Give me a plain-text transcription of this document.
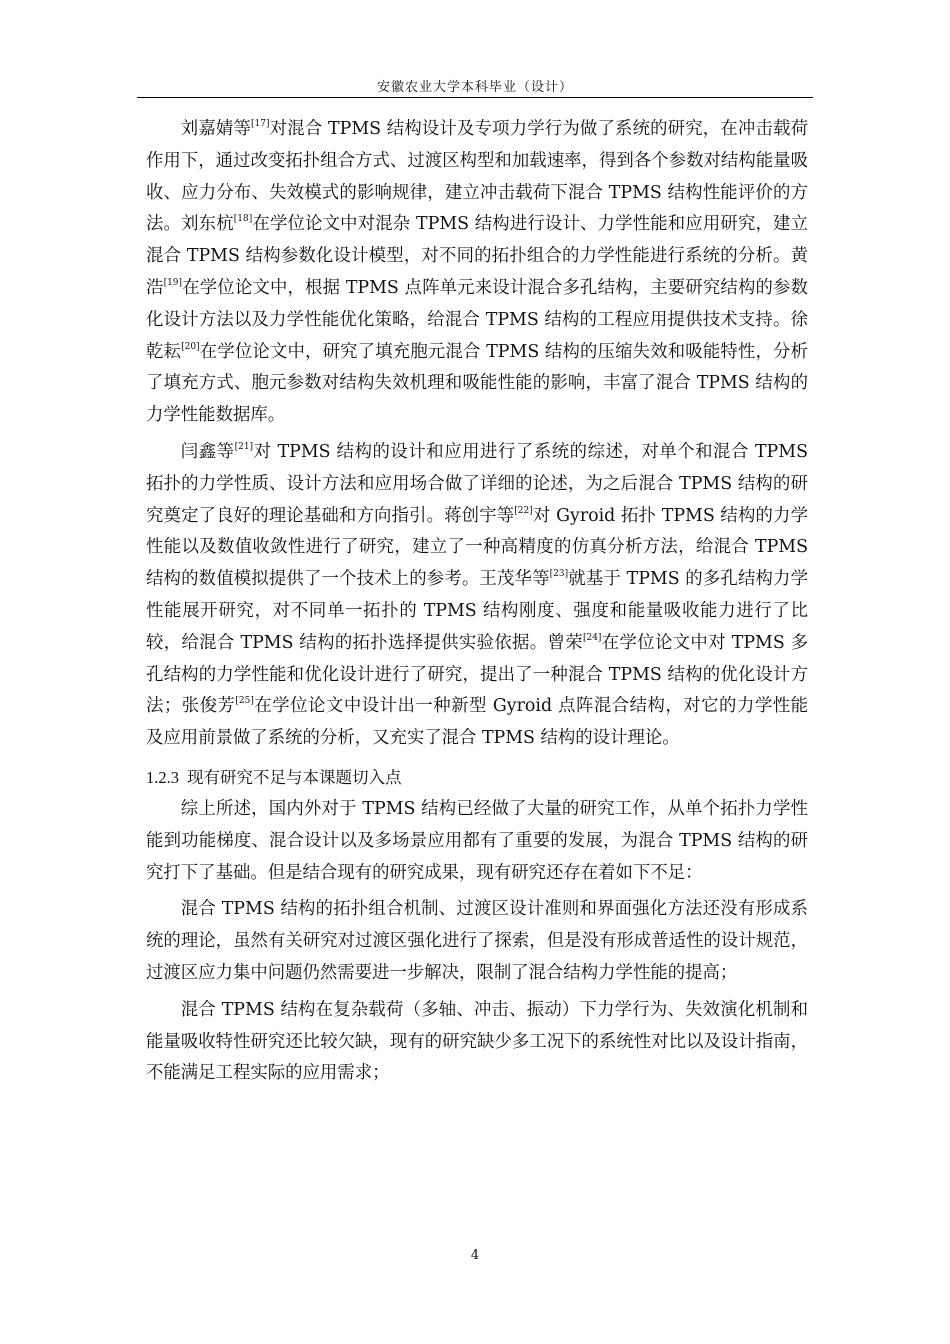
安徽农业大学本科毕业（设计）

刘嘉婧等[17]对混合 TPMS 结构设计及专项力学行为做了系统的研究，在冲击载荷作用下，通过改变拓扑组合方式、过渡区构型和加载速率，得到各个参数对结构能量吸收、应力分布、失效模式的影响规律，建立冲击载荷下混合 TPMS 结构性能评价的方法。刘东杭[18]在学位论文中对混杂 TPMS 结构进行设计、力学性能和应用研究，建立混合 TPMS 结构参数化设计模型，对不同的拓扑组合的力学性能进行系统的分析。黄浩[19]在学位论文中，根据 TPMS 点阵单元来设计混合多孔结构，主要研究结构的参数化设计方法以及力学性能优化策略，给混合 TPMS 结构的工程应用提供技术支持。徐乾耘[20]在学位论文中，研究了填充胞元混合 TPMS 结构的压缩失效和吸能特性，分析了填充方式、胞元参数对结构失效机理和吸能性能的影响，丰富了混合 TPMS 结构的力学性能数据库。

闫鑫等[21]对 TPMS 结构的设计和应用进行了系统的综述，对单个和混合 TPMS 拓扑的力学性质、设计方法和应用场合做了详细的论述，为之后混合 TPMS 结构的研究奠定了良好的理论基础和方向指引。蒋创宇等[22]对 Gyroid 拓扑 TPMS 结构的力学性能以及数值收敛性进行了研究，建立了一种高精度的仿真分析方法，给混合 TPMS 结构的数值模拟提供了一个技术上的参考。王茂华等[23]就基于 TPMS 的多孔结构力学性能展开研究，对不同单一拓扑的 TPMS 结构刚度、强度和能量吸收能力进行了比较，给混合 TPMS 结构的拓扑选择提供实验依据。曾荣[24]在学位论文中对 TPMS 多孔结构的力学性能和优化设计进行了研究，提出了一种混合 TPMS 结构的优化设计方法；张俊芳[25]在学位论文中设计出一种新型 Gyroid 点阵混合结构，对它的力学性能及应用前景做了系统的分析，又充实了混合 TPMS 结构的设计理论。

1.2.3 现有研究不足与本课题切入点

综上所述，国内外对于 TPMS 结构已经做了大量的研究工作，从单个拓扑力学性能到功能梯度、混合设计以及多场景应用都有了重要的发展，为混合 TPMS 结构的研究打下了基础。但是结合现有的研究成果，现有研究还存在着如下不足：

混合 TPMS 结构的拓扑组合机制、过渡区设计准则和界面强化方法还没有形成系统的理论，虽然有关研究对过渡区强化进行了探索，但是没有形成普适性的设计规范，过渡区应力集中问题仍然需要进一步解决，限制了混合结构力学性能的提高；

混合 TPMS 结构在复杂载荷（多轴、冲击、振动）下力学行为、失效演化机制和能量吸收特性研究还比较欠缺，现有的研究缺少多工况下的系统性对比以及设计指南，不能满足工程实际的应用需求；

4
